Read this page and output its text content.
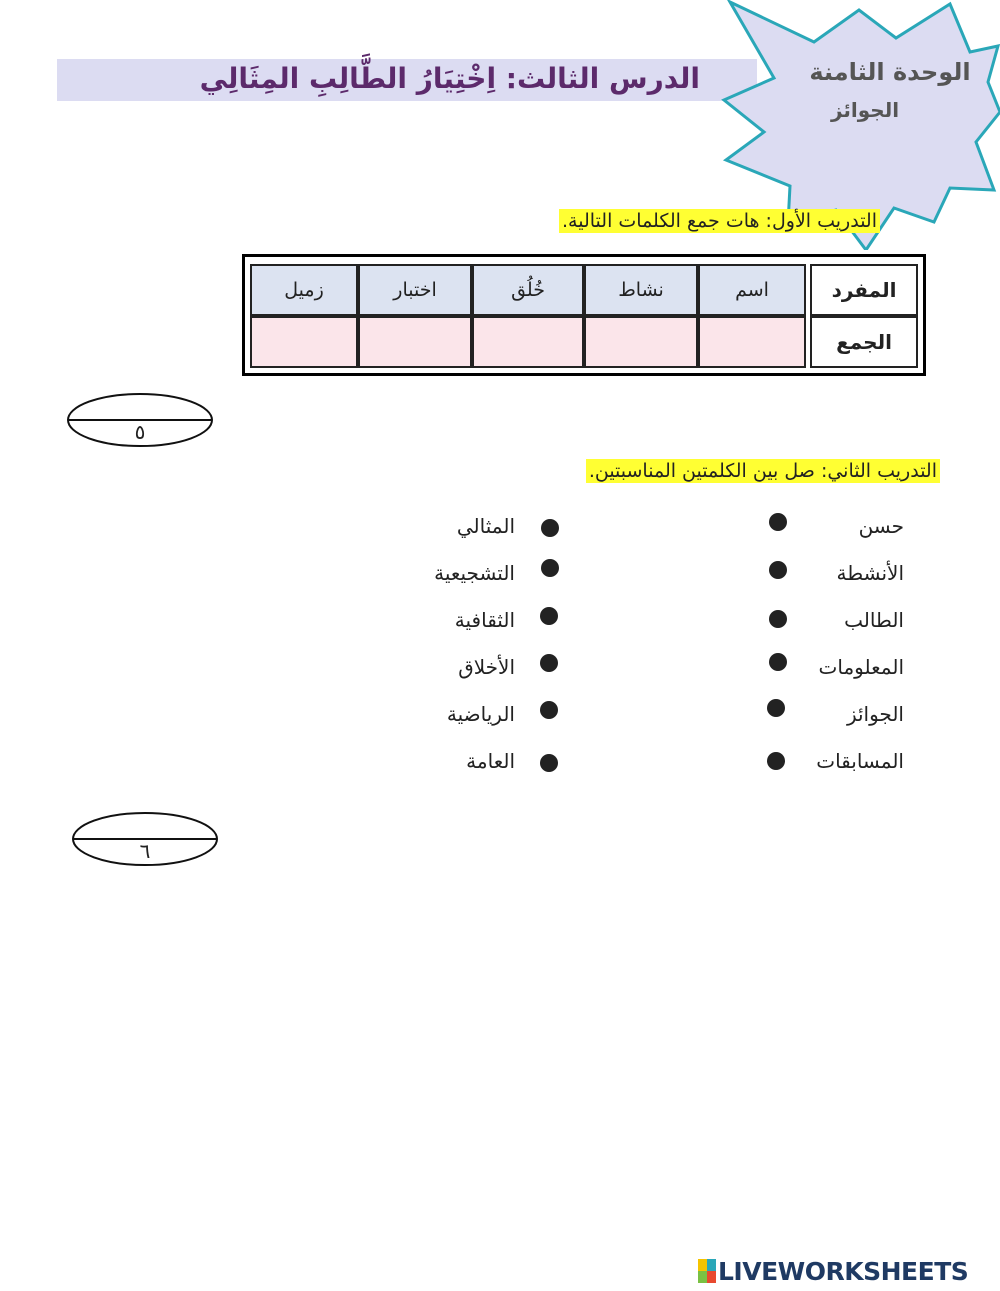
الدرس الثالث: اِخْتِيَارُ الطَّالِبِ المِثَالِي	الوحدة الثامنة
الجوائز
التدريب الأول: هات جمع الكلمات التالية.
المفرد
اسم
نشاط
خُلُق
اختبار
زميل
الجمع
٥
التدريب الثاني: صل بين الكلمتين المناسبتين.
حسن
الأنشطة
الطالب
المعلومات
الجوائز
المسابقات
المثالي
التشجيعية
الثقافية
الأخلاق
الرياضية
العامة
٦
LIVEWORKSHEETS
